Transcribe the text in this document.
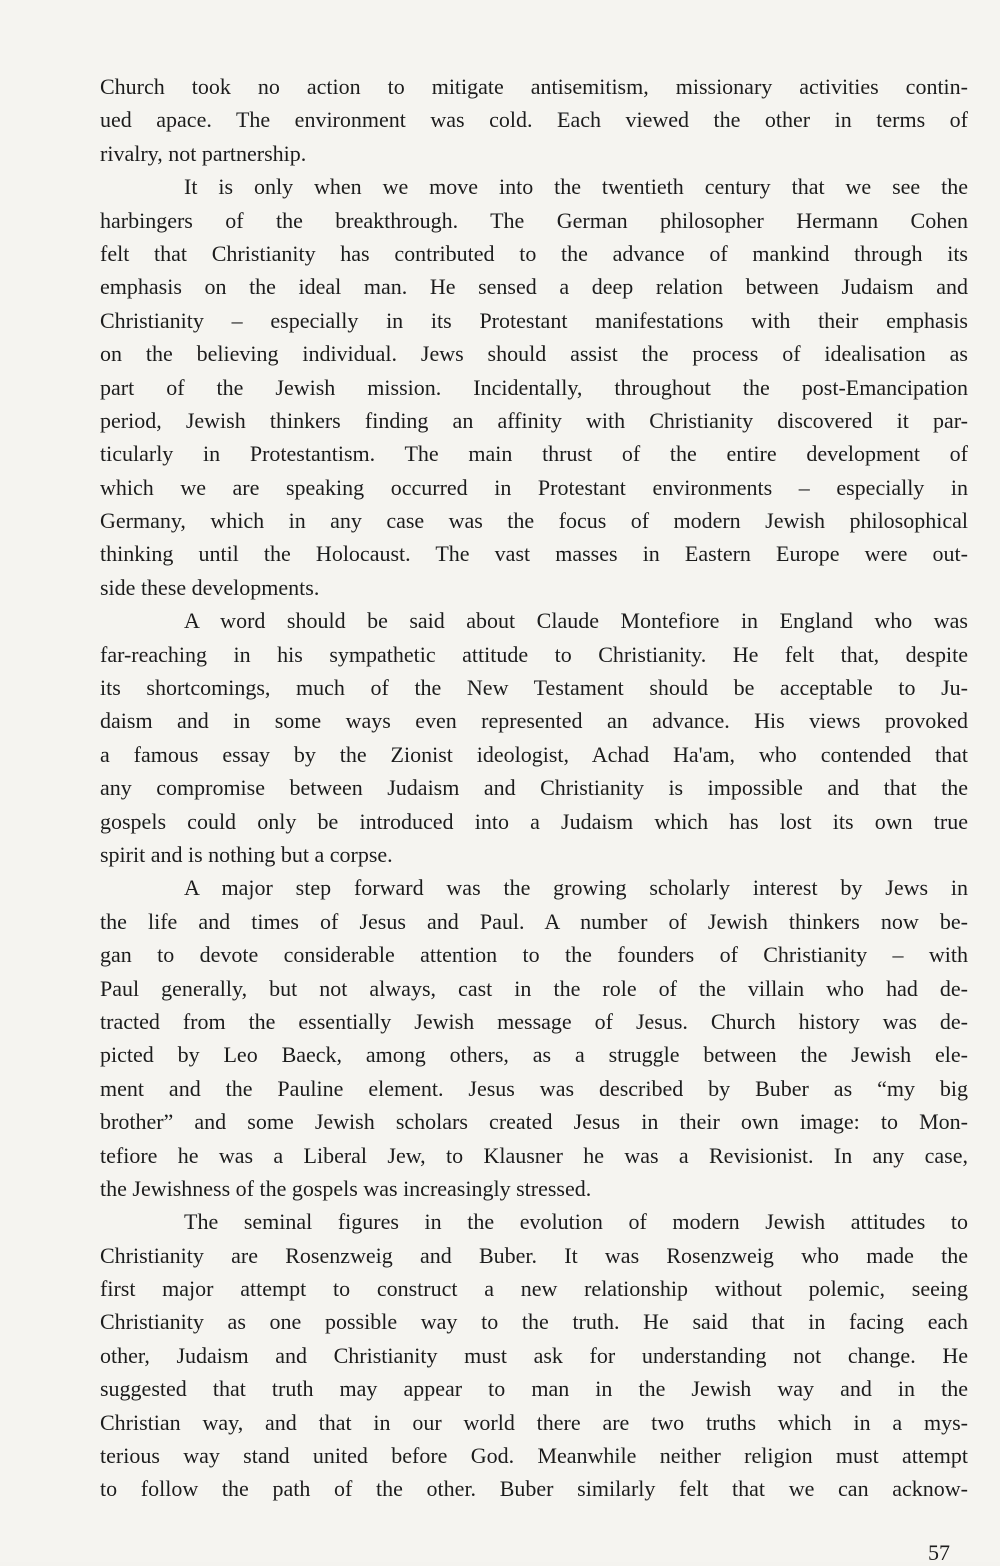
Church took no action to mitigate antisemitism, missionary activities contin-
ued apace. The environment was cold. Each viewed the other in terms of
rivalry, not partnership.
It is only when we move into the twentieth century that we see the
harbingers of the breakthrough. The German philosopher Hermann Cohen
felt that Christianity has contributed to the advance of mankind through its
emphasis on the ideal man. He sensed a deep relation between Judaism and
Christianity – especially in its Protestant manifestations with their emphasis
on the believing individual. Jews should assist the process of idealisation as
part of the Jewish mission. Incidentally, throughout the post-Emancipation
period, Jewish thinkers finding an affinity with Christianity discovered it par-
ticularly in Protestantism. The main thrust of the entire development of
which we are speaking occurred in Protestant environments – especially in
Germany, which in any case was the focus of modern Jewish philosophical
thinking until the Holocaust. The vast masses in Eastern Europe were out-
side these developments.
A word should be said about Claude Montefiore in England who was
far-reaching in his sympathetic attitude to Christianity. He felt that, despite
its shortcomings, much of the New Testament should be acceptable to Ju-
daism and in some ways even represented an advance. His views provoked
a famous essay by the Zionist ideologist, Achad Ha'am, who contended that
any compromise between Judaism and Christianity is impossible and that the
gospels could only be introduced into a Judaism which has lost its own true
spirit and is nothing but a corpse.
A major step forward was the growing scholarly interest by Jews in
the life and times of Jesus and Paul. A number of Jewish thinkers now be-
gan to devote considerable attention to the founders of Christianity – with
Paul generally, but not always, cast in the role of the villain who had de-
tracted from the essentially Jewish message of Jesus. Church history was de-
picted by Leo Baeck, among others, as a struggle between the Jewish ele-
ment and the Pauline element. Jesus was described by Buber as “my big
brother” and some Jewish scholars created Jesus in their own image: to Mon-
tefiore he was a Liberal Jew, to Klausner he was a Revisionist. In any case,
the Jewishness of the gospels was increasingly stressed.
The seminal figures in the evolution of modern Jewish attitudes to
Christianity are Rosenzweig and Buber. It was Rosenzweig who made the
first major attempt to construct a new relationship without polemic, seeing
Christianity as one possible way to the truth. He said that in facing each
other, Judaism and Christianity must ask for understanding not change. He
suggested that truth may appear to man in the Jewish way and in the
Christian way, and that in our world there are two truths which in a mys-
terious way stand united before God. Meanwhile neither religion must attempt
to follow the path of the other. Buber similarly felt that we can acknow-
57
